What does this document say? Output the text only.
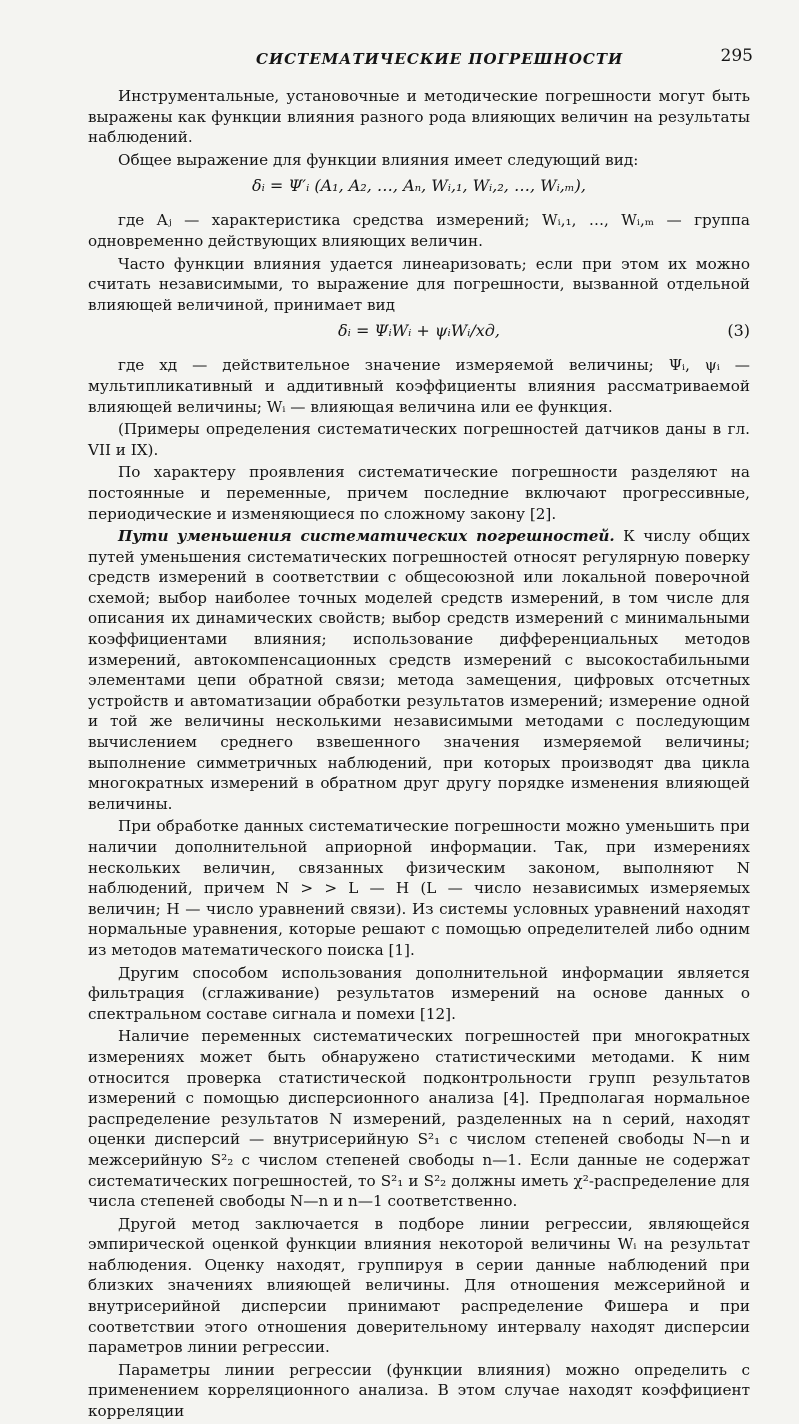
СИСТЕМАТИЧЕСКИЕ ПОГРЕШНОСТИ	295

Инструментальные, установочные и методические погрешности могут быть выражены как функции влияния разного рода влияющих величин на результаты наблюдений.

Общее выражение для функции влияния имеет следующий вид:

δᵢ = Ψ′ᵢ (A₁, A₂, …, Aₙ, Wᵢ,₁, Wᵢ,₂, …, Wᵢ,ₘ),

где Aⱼ — характеристика средства измерений; Wᵢ,₁, …, Wᵢ,ₘ — группа одновременно действующих влияющих величин.

Часто функции влияния удается линеаризовать; если при этом их можно считать независимыми, то выражение для погрешности, вызванной отдельной влияющей величиной, принимает вид

δᵢ = ΨᵢWᵢ + ψᵢWᵢ/xд,	(3)

где xд — действительное значение измеряемой величины; Ψᵢ, ψᵢ — мультипликативный и аддитивный коэффициенты влияния рассматриваемой влияющей величины; Wᵢ — влияющая величина или ее функция.

(Примеры определения систематических погрешностей датчиков даны в гл. VII и IX).

По характеру проявления систематические погрешности разделяют на постоянные и переменные, причем последние включают прогрессивные, периодические и изменяющиеся по сложному закону [2].

Пути уменьшения систематических погрешностей. К числу общих путей уменьшения систематических погрешностей относят регулярную поверку средств измерений в соответствии с общесоюзной или локальной поверочной схемой; выбор наиболее точных моделей средств измерений, в том числе для описания их динамических свойств; выбор средств измерений с минимальными коэффициентами влияния; использование дифференциальных методов измерений, автокомпенсационных средств измерений с высокостабильными элементами цепи обратной связи; метода замещения, цифровых отсчетных устройств и автоматизации обработки результатов измерений; измерение одной и той же величины несколькими независимыми методами с последующим вычислением среднего взвешенного значения измеряемой величины; выполнение симметричных наблюдений, при которых производят два цикла многократных измерений в обратном друг другу порядке изменения влияющей величины.

При обработке данных систематические погрешности можно уменьшить при наличии дополнительной априорной информации. Так, при измерениях нескольких величин, связанных физическим законом, выполняют N наблюдений, причем N > > L — H (L — число независимых измеряемых величин; H — число уравнений связи). Из системы условных уравнений находят нормальные уравнения, которые решают с помощью определителей либо одним из методов математического поиска [1].

Другим способом использования дополнительной информации является фильтрация (сглаживание) результатов измерений на основе данных о спектральном составе сигнала и помехи [12].

Наличие переменных систематических погрешностей при многократных измерениях может быть обнаружено статистическими методами. К ним относится проверка статистической подконтрольности групп результатов измерений с помощью дисперсионного анализа [4]. Предполагая нормальное распределение результатов N измерений, разделенных на n серий, находят оценки дисперсий — внутрисерийную S²₁ с числом степеней свободы N—n и межсерийную S²₂ с числом степеней свободы n—1. Если данные не содержат систематических погрешностей, то S²₁ и S²₂ должны иметь χ²-распределение для числа степеней свободы N—n и n—1 соответственно.

Другой метод заключается в подборе линии регрессии, являющейся эмпирической оценкой функции влияния некоторой величины Wᵢ на результат наблюдения. Оценку находят, группируя в серии данные наблюдений при близких значениях влияющей величины. Для отношения межсерийной и внутрисерийной дисперсии принимают распределение Фишера и при соответствии этого отношения доверительному интервалу находят дисперсии параметров линии регрессии.

Параметры линии регрессии (функции влияния) можно определить с применением корреляционного анализа. В этом случае находят коэффициент корреляции
